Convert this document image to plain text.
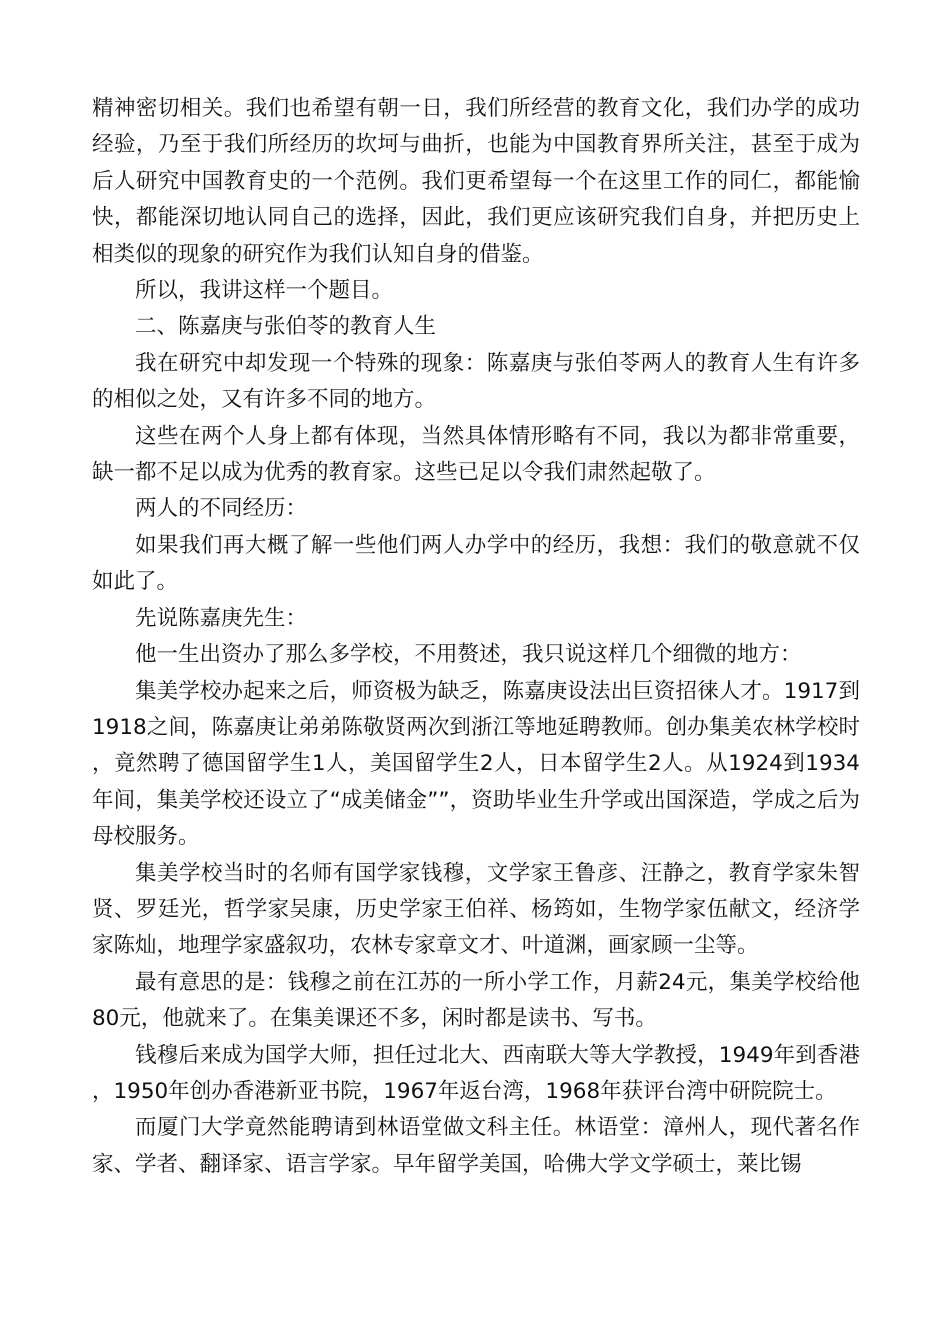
精神密切相关。我们也希望有朝一日，我们所经营的教育文化，我们办学的成功经验，乃至于我们所经历的坎坷与曲折，也能为中国教育界所关注，甚至于成为后人研究中国教育史的一个范例。我们更希望每一个在这里工作的同仁，都能愉快，都能深切地认同自己的选择，因此，我们更应该研究我们自身，并把历史上相类似的现象的研究作为我们认知自身的借鉴。

所以，我讲这样一个题目。

二、陈嘉庚与张伯苓的教育人生

我在研究中却发现一个特殊的现象：陈嘉庚与张伯苓两人的教育人生有许多的相似之处，又有许多不同的地方。

这些在两个人身上都有体现，当然具体情形略有不同，我以为都非常重要，缺一都不足以成为优秀的教育家。这些已足以令我们肃然起敬了。

两人的不同经历：

如果我们再大概了解一些他们两人办学中的经历，我想：我们的敬意就不仅如此了。

先说陈嘉庚先生：

他一生出资办了那么多学校，不用赘述，我只说这样几个细微的地方：

集美学校办起来之后，师资极为缺乏，陈嘉庚设法出巨资招徕人才。1917到1918之间，陈嘉庚让弟弟陈敬贤两次到浙江等地延聘教师。创办集美农林学校时，竟然聘了德国留学生1人，美国留学生2人，日本留学生2人。从1924到1934年间，集美学校还设立了“成美储金””，资助毕业生升学或出国深造，学成之后为母校服务。

集美学校当时的名师有国学家钱穆，文学家王鲁彦、汪静之，教育学家朱智贤、罗廷光，哲学家吴康，历史学家王伯祥、杨筠如，生物学家伍献文，经济学家陈灿，地理学家盛叙功，农林专家章文才、叶道渊，画家顾一尘等。

最有意思的是：钱穆之前在江苏的一所小学工作，月薪24元，集美学校给他80元，他就来了。在集美课还不多，闲时都是读书、写书。

钱穆后来成为国学大师，担任过北大、西南联大等大学教授，1949年到香港，1950年创办香港新亚书院，1967年返台湾，1968年获评台湾中研院院士。

而厦门大学竟然能聘请到林语堂做文科主任。林语堂：漳州人，现代著名作家、学者、翻译家、语言学家。早年留学美国，哈佛大学文学硕士，莱比锡
